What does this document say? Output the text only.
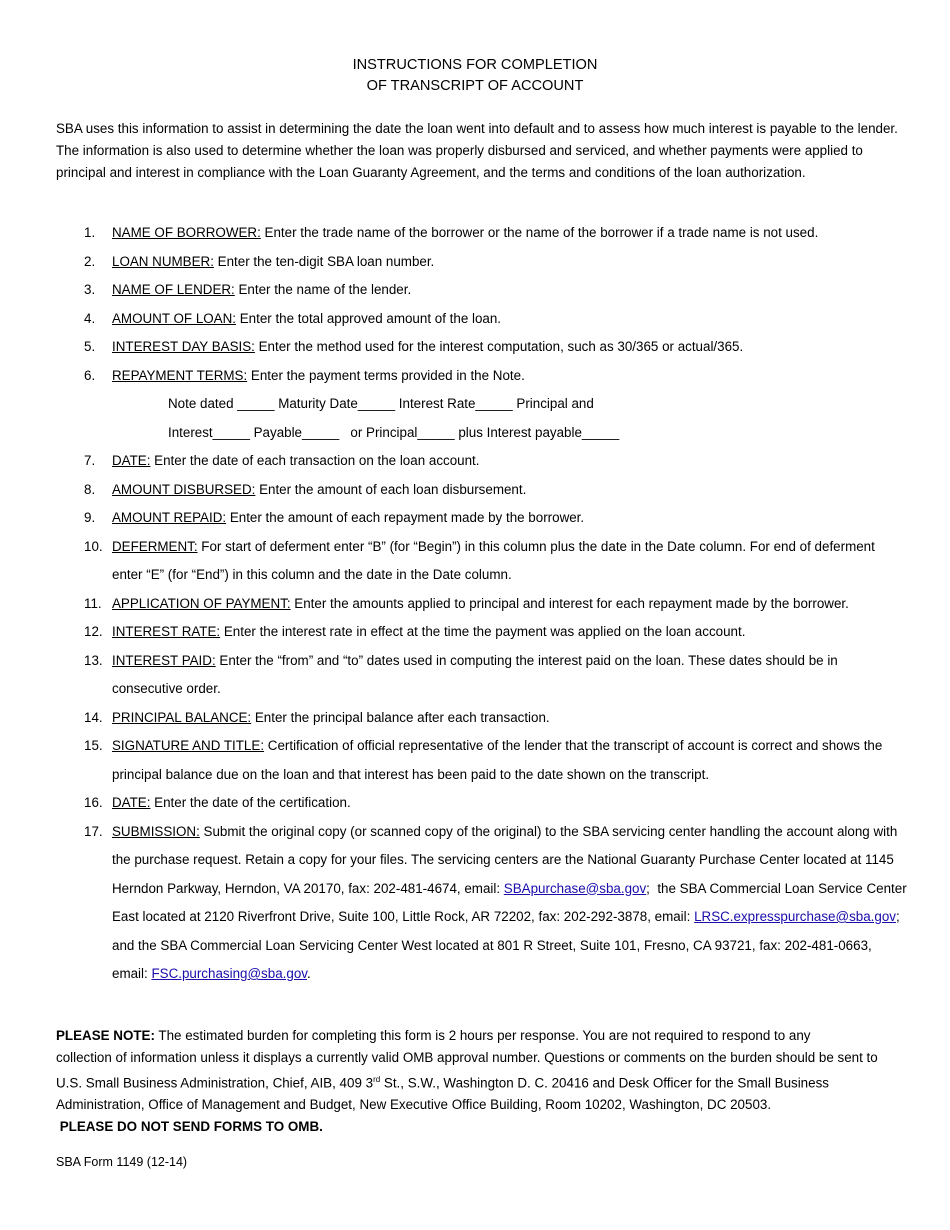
INSTRUCTIONS FOR COMPLETION
OF TRANSCRIPT OF ACCOUNT
SBA uses this information to assist in determining the date the loan went into default and to assess how much interest is payable to the lender. The information is also used to determine whether the loan was properly disbursed and serviced, and whether payments were applied to principal and interest in compliance with the Loan Guaranty Agreement, and the terms and conditions of the loan authorization.
1. NAME OF BORROWER: Enter the trade name of the borrower or the name of the borrower if a trade name is not used.
2. LOAN NUMBER: Enter the ten-digit SBA loan number.
3. NAME OF LENDER: Enter the name of the lender.
4. AMOUNT OF LOAN: Enter the total approved amount of the loan.
5. INTEREST DAY BASIS: Enter the method used for the interest computation, such as 30/365 or actual/365.
6. REPAYMENT TERMS: Enter the payment terms provided in the Note.
Note dated _____ Maturity Date_____ Interest Rate_____ Principal and
Interest_____ Payable_____   or Principal_____ plus Interest payable_____
7. DATE: Enter the date of each transaction on the loan account.
8. AMOUNT DISBURSED: Enter the amount of each loan disbursement.
9. AMOUNT REPAID: Enter the amount of each repayment made by the borrower.
10. DEFERMENT: For start of deferment enter “B” (for “Begin”) in this column plus the date in the Date column. For end of deferment enter “E” (for “End”) in this column and the date in the Date column.
11. APPLICATION OF PAYMENT: Enter the amounts applied to principal and interest for each repayment made by the borrower.
12. INTEREST RATE: Enter the interest rate in effect at the time the payment was applied on the loan account.
13. INTEREST PAID: Enter the “from” and “to” dates used in computing the interest paid on the loan. These dates should be in consecutive order.
14. PRINCIPAL BALANCE: Enter the principal balance after each transaction.
15. SIGNATURE AND TITLE: Certification of official representative of the lender that the transcript of account is correct and shows the principal balance due on the loan and that interest has been paid to the date shown on the transcript.
16. DATE: Enter the date of the certification.
17. SUBMISSION: Submit the original copy (or scanned copy of the original) to the SBA servicing center handling the account along with the purchase request. Retain a copy for your files. The servicing centers are the National Guaranty Purchase Center located at 1145 Herndon Parkway, Herndon, VA 20170, fax: 202-481-4674, email: SBApurchase@sba.gov;  the SBA Commercial Loan Service Center East located at 2120 Riverfront Drive, Suite 100, Little Rock, AR 72202, fax: 202-292-3878, email: LRSC.expresspurchase@sba.gov; and the SBA Commercial Loan Servicing Center West located at 801 R Street, Suite 101, Fresno, CA 93721, fax: 202-481-0663, email: FSC.purchasing@sba.gov.
PLEASE NOTE: The estimated burden for completing this form is 2 hours per response. You are not required to respond to any
collection of information unless it displays a currently valid OMB approval number. Questions or comments on the burden should be sent to
U.S. Small Business Administration, Chief, AIB, 409 3rd St., S.W., Washington D. C. 20416 and Desk Officer for the Small Business
Administration, Office of Management and Budget, New Executive Office Building, Room 10202, Washington, DC 20503.
PLEASE DO NOT SEND FORMS TO OMB.
SBA Form 1149 (12-14)
